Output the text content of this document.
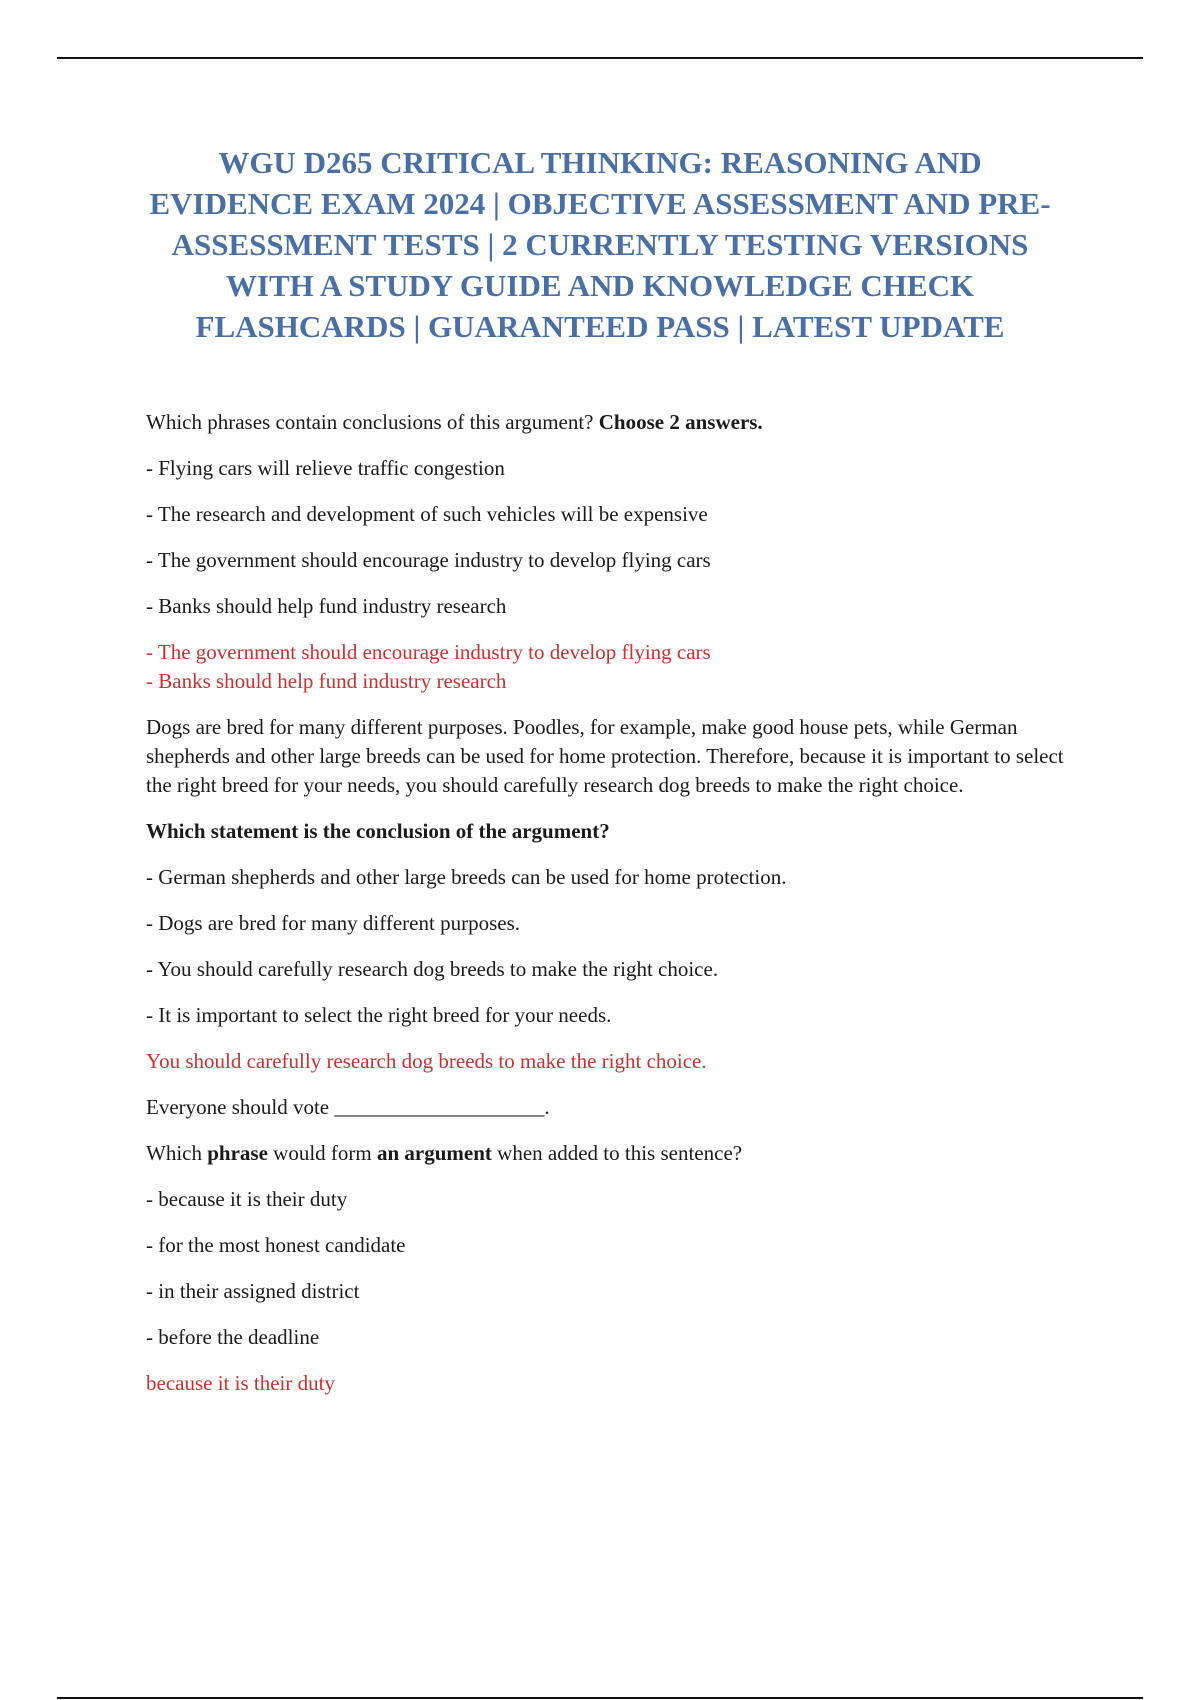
WGU D265 CRITICAL THINKING: REASONING AND
EVIDENCE EXAM 2024 | OBJECTIVE ASSESSMENT AND PRE-
ASSESSMENT TESTS | 2 CURRENTLY TESTING VERSIONS
WITH A STUDY GUIDE AND KNOWLEDGE CHECK
FLASHCARDS | GUARANTEED PASS | LATEST UPDATE

Which phrases contain conclusions of this argument? Choose 2 answers.

- Flying cars will relieve traffic congestion

- The research and development of such vehicles will be expensive

- The government should encourage industry to develop flying cars

- Banks should help fund industry research

- The government should encourage industry to develop flying cars

- Banks should help fund industry research

Dogs are bred for many different purposes. Poodles, for example, make good house pets, while German shepherds and other large breeds can be used for home protection. Therefore, because it is important to select the right breed for your needs, you should carefully research dog breeds to make the right choice.

Which statement is the conclusion of the argument?

- German shepherds and other large breeds can be used for home protection.

- Dogs are bred for many different purposes.

- You should carefully research dog breeds to make the right choice.

- It is important to select the right breed for your needs.

You should carefully research dog breeds to make the right choice.

Everyone should vote ____________________.

Which phrase would form an argument when added to this sentence?

- because it is their duty

- for the most honest candidate

- in their assigned district

- before the deadline

because it is their duty
